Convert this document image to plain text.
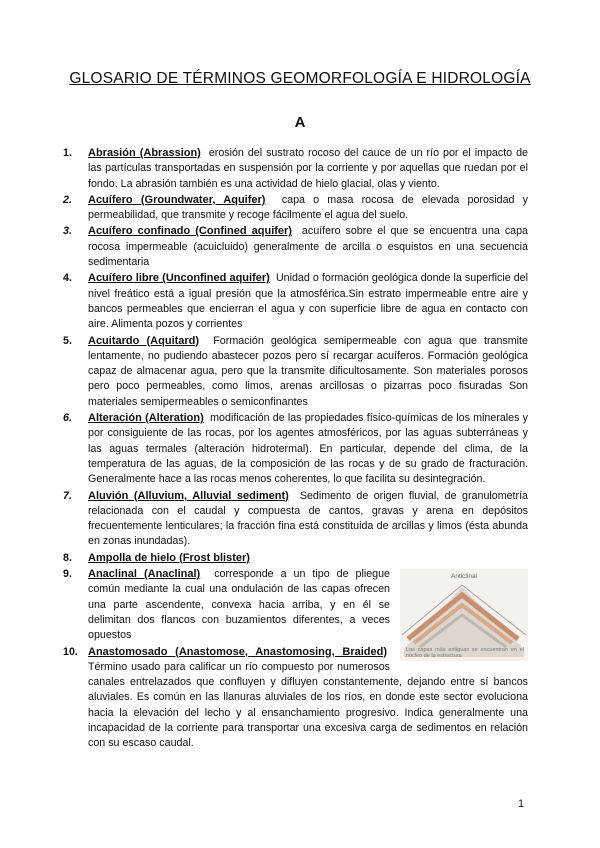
GLOSARIO DE TÉRMINOS GEOMORFOLOGÍA E HIDROLOGÍA
A
1.	Abrasión (Abrassion) erosión del sustrato rocoso del cauce de un río por el impacto de las partículas transportadas en suspensión por la corriente y por aquellas que ruedan por el fondo. La abrasión también es una actividad de hielo glacial, olas y viento.
2.	Acuífero (Groundwater, Aquifer) capa o masa rocosa de elevada porosidad y permeabilidad, que transmite y recoge fácilmente el agua del suelo.
3.	Acuífero confinado (Confined aquifer) acuífero sobre el que se encuentra una capa rocosa impermeable (acuicluido) generalmente de arcilla o esquistos en una secuencia sedimentaria
4.	Acuífero libre (Unconfined aquifer) Unidad o formación geológica donde la superficie del nivel freático está a igual presión que la atmosférica.Sin estrato impermeable entre aire y bancos permeables que encierran el agua y con superficie libre de agua en contacto con aire. Alimenta pozos y corrientes
5.	Acuitardo (Aquitard) Formación geológica semipermeable con agua que transmite lentamente, no pudiendo abastecer pozos pero sí recargar acuíferos. Formación geológica capaz de almacenar agua, pero que la transmite dificultosamente. Son materiales porosos pero poco permeables, como limos, arenas arcillosas o pizarras poco fisuradas Son materiales semipermeables o semiconfinantes
6.	Alteración (Alteration) modificación de las propiedades físico-químicas de los minerales y por consiguiente de las rocas, por los agentes atmosféricos, por las aguas subterráneas y las aguas termales (alteración hidrotermal). En particular, depende del clima, de la temperatura de las aguas, de la composición de las rocas y de su grado de fracturación. Generalmente hace a las rocas menos coherentes, lo que facilita su desintegración.
7.	Aluvión (Alluvium, Alluvial sediment) Sedimento de origen fluvial, de granulometría relacionada con el caudal y compuesta de cantos, gravas y arena en depósitos frecuentemente lenticulares; la fracción fina está constituida de arcillas y limos (ésta abunda en zonas inundadas).
8.	Ampolla de hielo (Frost blister)
Anticlinal
Las capas más antiguas se encuentran en el núcleo de la estructura
9.	Anaclinal (Anaclinal) corresponde a un tipo de pliegue común mediante la cual una ondulación de las capas ofrecen una parte ascendente, convexa hacia arriba, y en él se delimitan dos flancos con buzamientos diferentes, a veces opuestos
10. Anastomosado (Anastomose, Anastomosing, Braided)  Término usado para calificar un río compuesto por numerosos canales entrelazados que confluyen y difluyen constantemente, dejando entre sí bancos aluviales. Es común en las llanuras aluviales de los ríos, en donde este sector evoluciona hacia la elevación del lecho y al ensanchamiento progresivo. Indica generalmente una incapacidad de la corriente para transportar una excesiva carga de sedimentos en relación con su escaso caudal.
1
